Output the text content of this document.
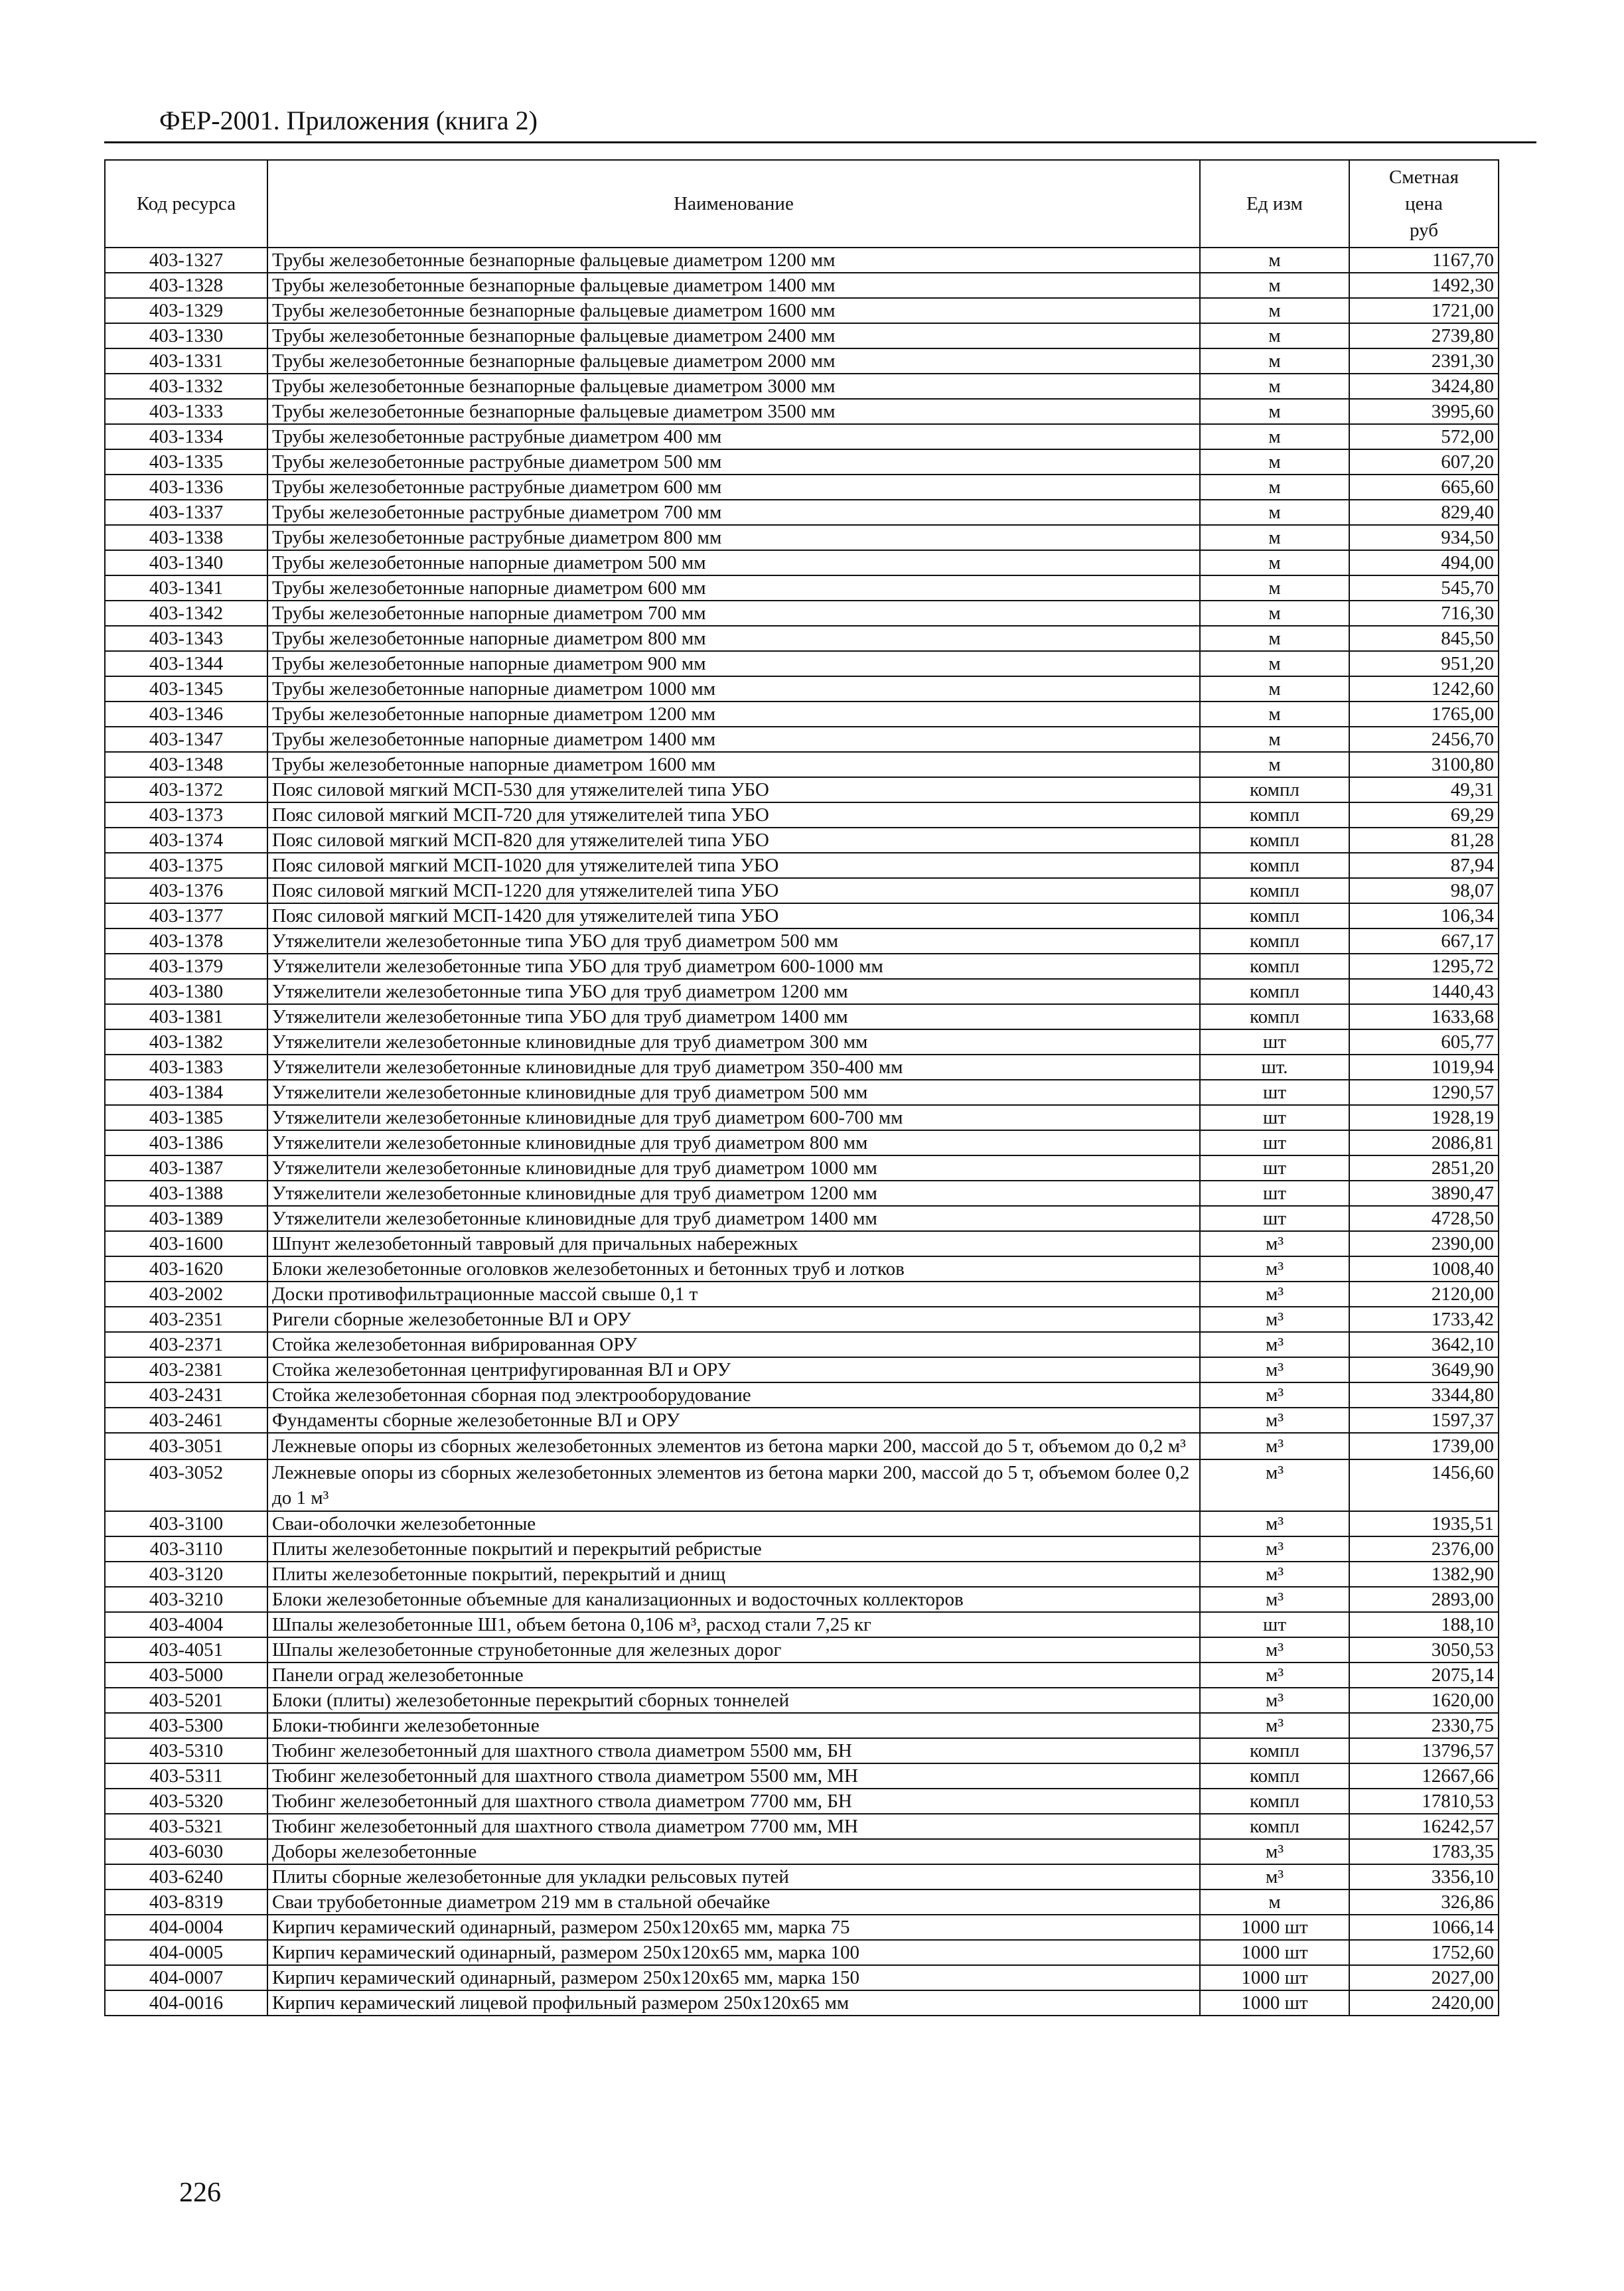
ФЕР-2001. Приложения (книга 2)
Код ресурса	Наименование	Ед изм	Сметная
цена
руб

403-1327	Трубы железобетонные безнапорные фальцевые диаметром 1200 мм	м	1167,70
403-1328	Трубы железобетонные безнапорные фальцевые диаметром 1400 мм	м	1492,30
403-1329	Трубы железобетонные безнапорные фальцевые диаметром 1600 мм	м	1721,00
403-1330	Трубы железобетонные безнапорные фальцевые диаметром 2400 мм	м	2739,80
403-1331	Трубы железобетонные безнапорные фальцевые диаметром 2000 мм	м	2391,30
403-1332	Трубы железобетонные безнапорные фальцевые диаметром 3000 мм	м	3424,80
403-1333	Трубы железобетонные безнапорные фальцевые диаметром 3500 мм	м	3995,60
403-1334	Трубы железобетонные раструбные диаметром 400 мм	м	572,00
403-1335	Трубы железобетонные раструбные диаметром 500 мм	м	607,20
403-1336	Трубы железобетонные раструбные диаметром 600 мм	м	665,60
403-1337	Трубы железобетонные раструбные диаметром 700 мм	м	829,40
403-1338	Трубы железобетонные раструбные диаметром 800 мм	м	934,50
403-1340	Трубы железобетонные напорные диаметром 500 мм	м	494,00
403-1341	Трубы железобетонные напорные диаметром 600 мм	м	545,70
403-1342	Трубы железобетонные напорные диаметром 700 мм	м	716,30
403-1343	Трубы железобетонные напорные диаметром 800 мм	м	845,50
403-1344	Трубы железобетонные напорные диаметром 900 мм	м	951,20
403-1345	Трубы железобетонные напорные диаметром 1000 мм	м	1242,60
403-1346	Трубы железобетонные напорные диаметром 1200 мм	м	1765,00
403-1347	Трубы железобетонные напорные диаметром 1400 мм	м	2456,70
403-1348	Трубы железобетонные напорные диаметром 1600 мм	м	3100,80
403-1372	Пояс силовой мягкий МСП-530 для утяжелителей типа УБО	компл	49,31
403-1373	Пояс силовой мягкий МСП-720 для утяжелителей типа УБО	компл	69,29
403-1374	Пояс силовой мягкий МСП-820 для утяжелителей типа УБО	компл	81,28
403-1375	Пояс силовой мягкий МСП-1020 для утяжелителей типа УБО	компл	87,94
403-1376	Пояс силовой мягкий МСП-1220 для утяжелителей типа УБО	компл	98,07
403-1377	Пояс силовой мягкий МСП-1420 для утяжелителей типа УБО	компл	106,34
403-1378	Утяжелители железобетонные типа УБО для труб диаметром 500 мм	компл	667,17
403-1379	Утяжелители железобетонные типа УБО для труб диаметром 600-1000 мм	компл	1295,72
403-1380	Утяжелители железобетонные типа УБО для труб диаметром 1200 мм	компл	1440,43
403-1381	Утяжелители железобетонные типа УБО для труб диаметром 1400 мм	компл	1633,68
403-1382	Утяжелители железобетонные клиновидные для труб диаметром 300 мм	шт	605,77
403-1383	Утяжелители железобетонные клиновидные для труб диаметром 350-400 мм	шт.	1019,94
403-1384	Утяжелители железобетонные клиновидные для труб диаметром 500 мм	шт	1290,57
403-1385	Утяжелители железобетонные клиновидные для труб диаметром 600-700 мм	шт	1928,19
403-1386	Утяжелители железобетонные клиновидные для труб диаметром 800 мм	шт	2086,81
403-1387	Утяжелители железобетонные клиновидные для труб диаметром 1000 мм	шт	2851,20
403-1388	Утяжелители железобетонные клиновидные для труб диаметром 1200 мм	шт	3890,47
403-1389	Утяжелители железобетонные клиновидные для труб диаметром 1400 мм	шт	4728,50
403-1600	Шпунт железобетонный тавровый для причальных набережных	м³	2390,00
403-1620	Блоки железобетонные оголовков железобетонных и бетонных труб и лотков	м³	1008,40
403-2002	Доски противофильтрационные массой свыше 0,1 т	м³	2120,00
403-2351	Ригели сборные железобетонные ВЛ и ОРУ	м³	1733,42
403-2371	Стойка железобетонная вибрированная ОРУ	м³	3642,10
403-2381	Стойка железобетонная центрифугированная ВЛ и ОРУ	м³	3649,90
403-2431	Стойка железобетонная сборная под электрооборудование	м³	3344,80
403-2461	Фундаменты сборные железобетонные ВЛ и ОРУ	м³	1597,37
403-3051	Лежневые опоры из сборных железобетонных элементов из бетона марки 200, массой до 5 т, объемом до 0,2 м³	м³	1739,00
403-3052	Лежневые опоры из сборных железобетонных элементов из бетона марки 200, массой до 5 т, объемом более 0,2 до 1 м³	м³	1456,60
403-3100	Сваи-оболочки железобетонные	м³	1935,51
403-3110	Плиты железобетонные покрытий и перекрытий ребристые	м³	2376,00
403-3120	Плиты железобетонные покрытий, перекрытий и днищ	м³	1382,90
403-3210	Блоки железобетонные объемные для канализационных и водосточных коллекторов	м³	2893,00
403-4004	Шпалы железобетонные Ш1, объем бетона 0,106 м³, расход стали 7,25 кг	шт	188,10
403-4051	Шпалы железобетонные струнобетонные для железных дорог	м³	3050,53
403-5000	Панели оград железобетонные	м³	2075,14
403-5201	Блоки (плиты) железобетонные перекрытий сборных тоннелей	м³	1620,00
403-5300	Блоки-тюбинги железобетонные	м³	2330,75
403-5310	Тюбинг железобетонный для шахтного ствола диаметром 5500 мм, БН	компл	13796,57
403-5311	Тюбинг железобетонный для шахтного ствола диаметром 5500 мм, МН	компл	12667,66
403-5320	Тюбинг железобетонный для шахтного ствола диаметром 7700 мм, БН	компл	17810,53
403-5321	Тюбинг железобетонный для шахтного ствола диаметром 7700 мм, МН	компл	16242,57
403-6030	Доборы железобетонные	м³	1783,35
403-6240	Плиты сборные железобетонные для укладки рельсовых путей	м³	3356,10
403-8319	Сваи трубобетонные диаметром 219 мм в стальной обечайке	м	326,86
404-0004	Кирпич керамический одинарный, размером 250х120х65 мм, марка 75	1000 шт	1066,14
404-0005	Кирпич керамический одинарный, размером 250х120х65 мм, марка 100	1000 шт	1752,60
404-0007	Кирпич керамический одинарный, размером 250х120х65 мм, марка 150	1000 шт	2027,00
404-0016	Кирпич керамический лицевой профильный размером 250х120х65 мм	1000 шт	2420,00
226
